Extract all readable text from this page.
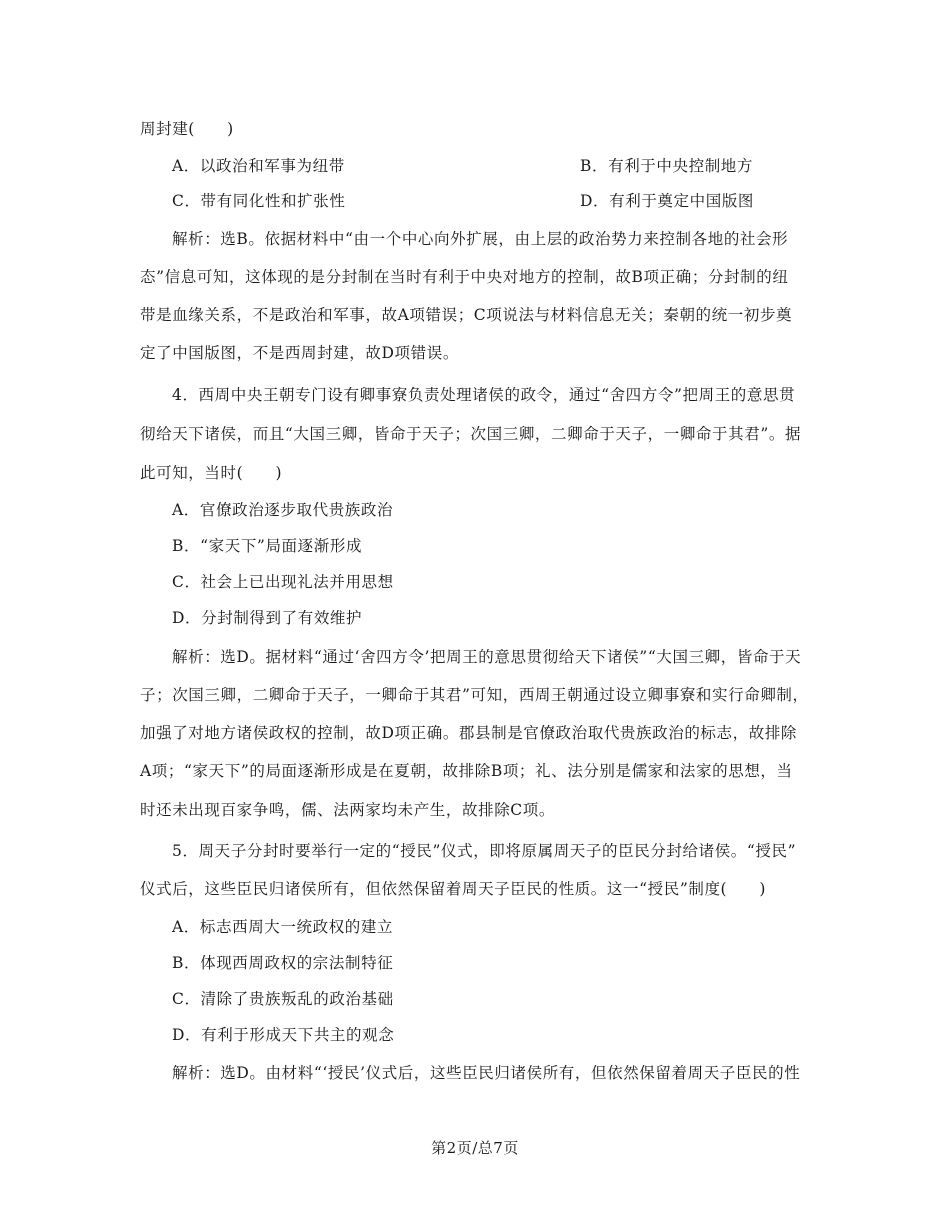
周封建(　　)
A．以政治和军事为纽带	B．有利于中央控制地方
C．带有同化性和扩张性	D．有利于奠定中国版图
解析：选B。依据材料中“由一个中心向外扩展，由上层的政治势力来控制各地的社会形
态”信息可知，这体现的是分封制在当时有利于中央对地方的控制，故B项正确；分封制的纽
带是血缘关系，不是政治和军事，故A项错误；C项说法与材料信息无关；秦朝的统一初步奠
定了中国版图，不是西周封建，故D项错误。
4．西周中央王朝专门设有卿事寮负责处理诸侯的政令，通过“舍四方令”把周王的意思贯
彻给天下诸侯，而且“大国三卿，皆命于天子；次国三卿，二卿命于天子，一卿命于其君”。据
此可知，当时(　　)
A．官僚政治逐步取代贵族政治
B．“家天下”局面逐渐形成
C．社会上已出现礼法并用思想
D．分封制得到了有效维护
解析：选D。据材料“通过‘舍四方令’把周王的意思贯彻给天下诸侯”“大国三卿，皆命于天
子；次国三卿，二卿命于天子，一卿命于其君”可知，西周王朝通过设立卿事寮和实行命卿制，
加强了对地方诸侯政权的控制，故D项正确。郡县制是官僚政治取代贵族政治的标志，故排除
A项；“家天下”的局面逐渐形成是在夏朝，故排除B项；礼、法分别是儒家和法家的思想，当
时还未出现百家争鸣，儒、法两家均未产生，故排除C项。
5．周天子分封时要举行一定的“授民”仪式，即将原属周天子的臣民分封给诸侯。“授民”
仪式后，这些臣民归诸侯所有，但依然保留着周天子臣民的性质。这一“授民”制度(　　)
A．标志西周大一统政权的建立
B．体现西周政权的宗法制特征
C．清除了贵族叛乱的政治基础
D．有利于形成天下共主的观念
解析：选D。由材料“‘授民’仪式后，这些臣民归诸侯所有，但依然保留着周天子臣民的性
第2页/总7页
